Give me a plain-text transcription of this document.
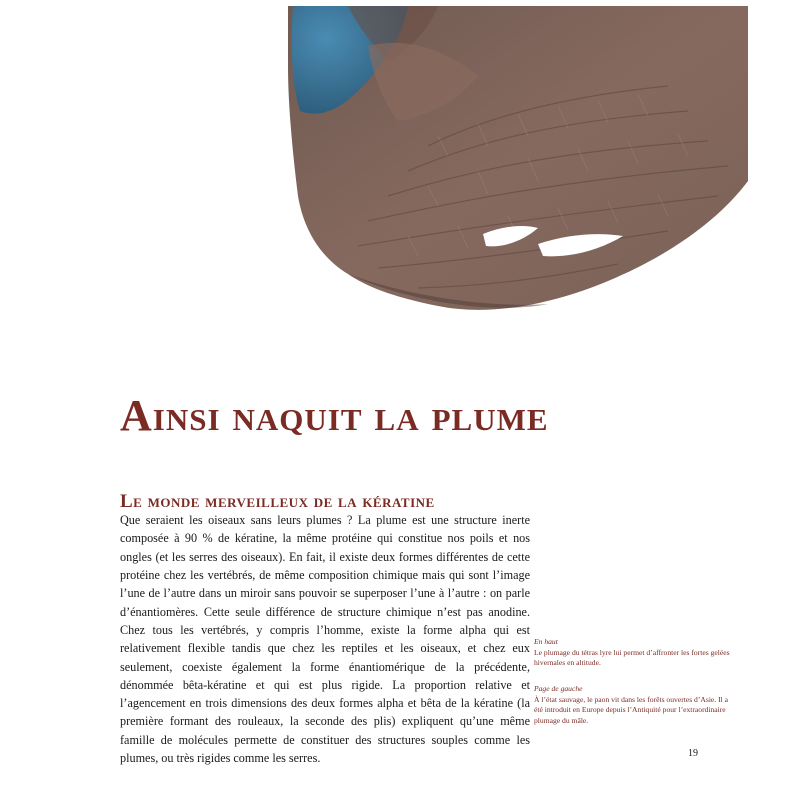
Ainsi naquit la plume
Le monde merveilleux de la kératine

Que seraient les oiseaux sans leurs plumes ? La plume est une structure inerte composée à 90 % de kératine, la même protéine qui constitue nos poils et nos ongles (et les serres des oiseaux). En fait, il existe deux formes différentes de cette protéine chez les vertébrés, de même composition chimique mais qui sont l’image l’une de l’autre dans un miroir sans pouvoir se superposer l’une à l’autre : on parle d’énantiomères. Cette seule différence de structure chimique n’est pas anodine. Chez tous les vertébrés, y compris l’homme, existe la forme alpha qui est relativement flexible tandis que chez les reptiles et les oiseaux, et chez eux seulement, coexiste également la forme énantiomérique de la précédente, dénommée bêta-kératine et qui est plus rigide. La proportion relative et l’agencement en trois dimensions des deux formes alpha et bêta de la kératine (la première formant des rouleaux, la seconde des plis) expliquent qu’une même famille de molécules permette de constituer des structures souples comme les plumes, ou très rigides comme les serres.

En haut
Le plumage du tétras lyre lui permet d’affronter les fortes gelées hivernales en altitude.
Page de gauche
À l’état sauvage, le paon vit dans les forêts ouvertes d’Asie. Il a été introduit en Europe depuis l’Antiquité pour l’extraordinaire plumage du mâle.
19
